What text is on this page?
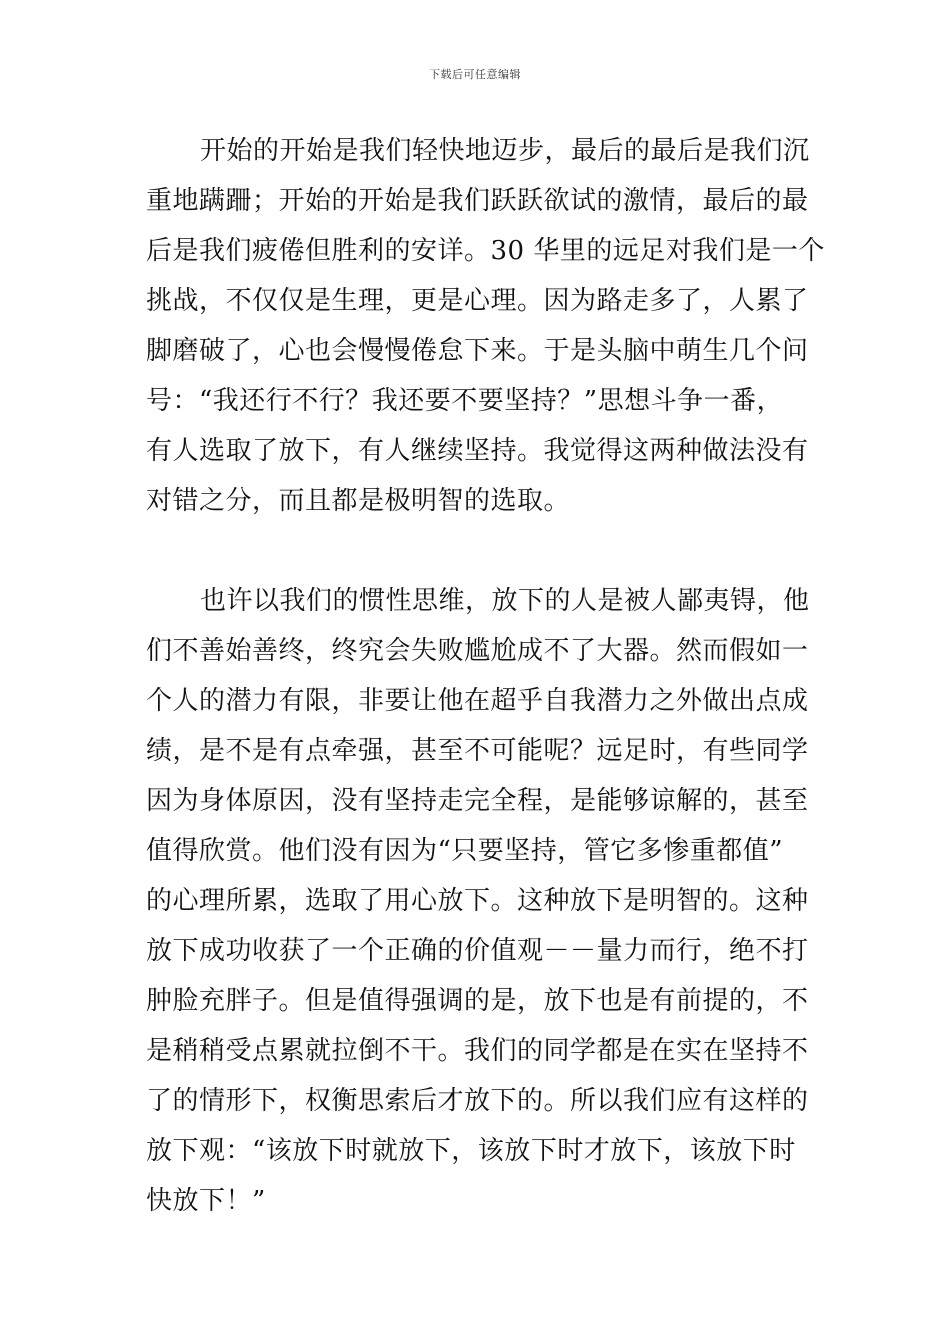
下载后可任意编辑
开始的开始是我们轻快地迈步，最后的最后是我们沉
重地蹒跚；开始的开始是我们跃跃欲试的激情，最后的最
后是我们疲倦但胜利的安详。30 华里的远足对我们是一个
挑战，不仅仅是生理，更是心理。因为路走多了，人累了
脚磨破了，心也会慢慢倦怠下来。于是头脑中萌生几个问
号：“我还行不行？我还要不要坚持？”思想斗争一番，
有人选取了放下，有人继续坚持。我觉得这两种做法没有
对错之分，而且都是极明智的选取。
也许以我们的惯性思维，放下的人是被人鄙夷锝，他
们不善始善终，终究会失败尴尬成不了大器。然而假如一
个人的潜力有限，非要让他在超乎自我潜力之外做出点成
绩，是不是有点牵强，甚至不可能呢？远足时，有些同学
因为身体原因，没有坚持走完全程，是能够谅解的，甚至
值得欣赏。他们没有因为“只要坚持，管它多惨重都值”
的心理所累，选取了用心放下。这种放下是明智的。这种
放下成功收获了一个正确的价值观－－量力而行，绝不打
肿脸充胖子。但是值得强调的是，放下也是有前提的，不
是稍稍受点累就拉倒不干。我们的同学都是在实在坚持不
了的情形下，权衡思索后才放下的。所以我们应有这样的
放下观：“该放下时就放下，该放下时才放下，该放下时
快放下！”
